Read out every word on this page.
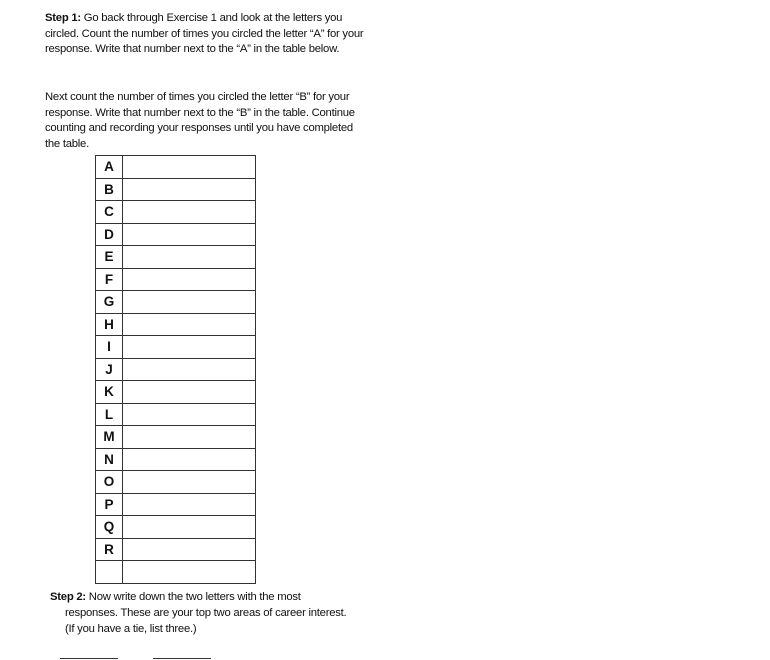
Step 1: Go back through Exercise 1 and look at the letters you circled. Count the number of times you circled the letter “A” for your response. Write that number next to the “A” in the table below.
Next count the number of times you circled the letter “B” for your response. Write that number next to the “B” in the table. Continue counting and recording your responses until you have completed the table.
A	
B	
C	
D	
E	
F	
G	
H	
I	
J	
K	
L	
M	
N	
O	
P	
Q	
R	

Step 2: Now write down the two letters with the most
responses. These are your top two areas of career interest.
(If you have a tie, list three.)
